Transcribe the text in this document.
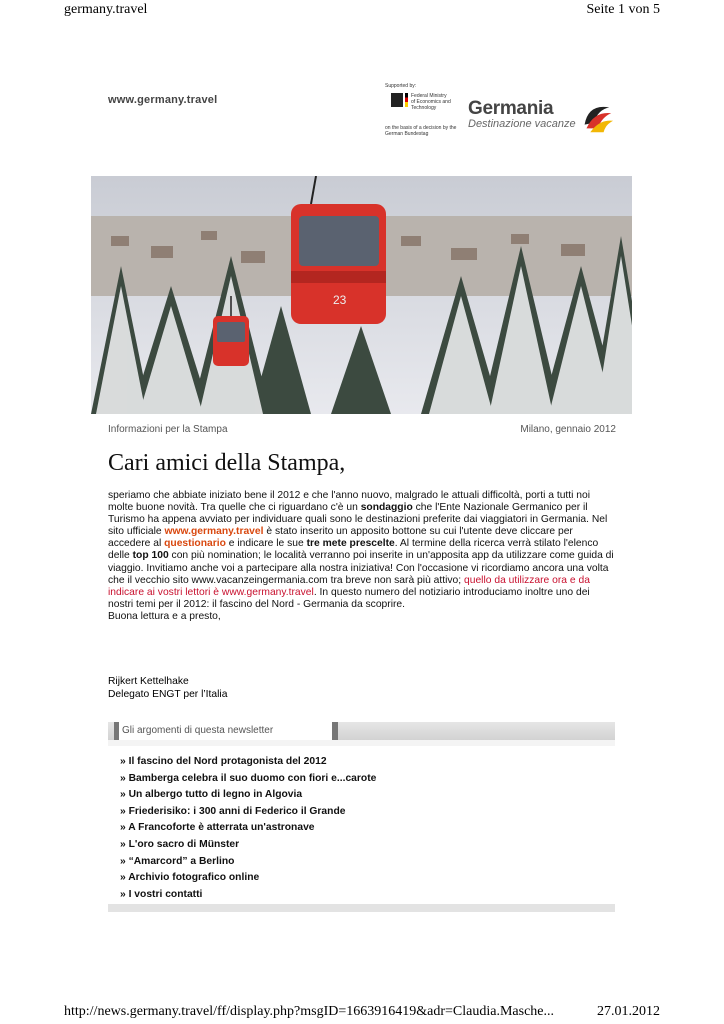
germany.travel	Seite 1 von 5
www.germany.travel
Supported by:
Federal Ministry of Economics and Technology
on the basis of a decision by the German Bundestag
Germania
Destinazione vacanze
23
Informazioni per la Stampa	Milano, gennaio 2012
Cari amici della Stampa,

speriamo che abbiate iniziato bene il 2012 e che l'anno nuovo, malgrado le attuali difficoltà, porti a tutti noi molte buone novità. Tra quelle che ci riguardano c'è un sondaggio che l'Ente Nazionale Germanico per il Turismo ha appena avviato per individuare quali sono le destinazioni preferite dai viaggiatori in Germania. Nel sito ufficiale www.germany.travel è stato inserito un apposito bottone su cui l'utente deve cliccare per accedere al questionario e indicare le sue tre mete prescelte. Al termine della ricerca verrà stilato l'elenco delle top 100 con più nomination; le località verranno poi inserite in un'apposita app da utilizzare come guida di viaggio. Invitiamo anche voi a partecipare alla nostra iniziativa! Con l'occasione vi ricordiamo ancora una volta che il vecchio sito www.vacanzeingermania.com tra breve non sarà più attivo; quello da utilizzare ora e da indicare ai vostri lettori è www.germany.travel. In questo numero del notiziario introduciamo inoltre uno dei nostri temi per il 2012: il fascino del Nord - Germania da scoprire.

Buona lettura e a presto,

Rijkert Kettelhake
Delegato ENGT per l’Italia
Gli argomenti di questa newsletter
» Il fascino del Nord protagonista del 2012
» Bamberga celebra il suo duomo con fiori e...carote
» Un albergo tutto di legno in Algovia
» Friederisiko: i 300 anni di Federico il Grande
» A Francoforte è atterrata un'astronave
» L'oro sacro di Münster
» “Amarcord” a Berlino
» Archivio fotografico online
» I vostri contatti
http://news.germany.travel/ff/display.php?msgID=1663916419&adr=Claudia.Masche...	27.01.2012
